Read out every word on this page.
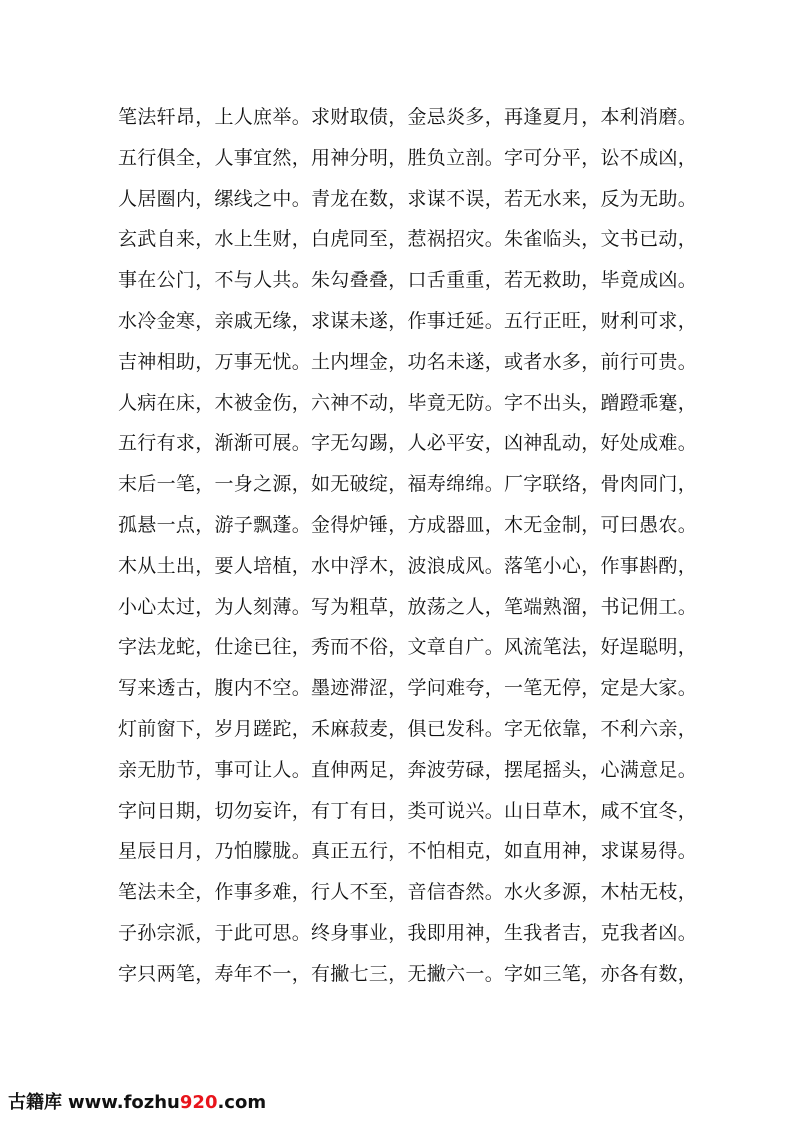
笔法轩昂，上人庶举。求财取债，金忌炎多，再逢夏月，本利消磨。
五行俱全，人事宜然，用神分明，胜负立剖。字可分平，讼不成凶，
人居圈内，缧线之中。青龙在数，求谋不误，若无水来，反为无助。
玄武自来，水上生财，白虎同至，惹祸招灾。朱雀临头，文书已动，
事在公门，不与人共。朱勾叠叠，口舌重重，若无救助，毕竟成凶。
水冷金寒，亲戚无缘，求谋未遂，作事迁延。五行正旺，财利可求，
吉神相助，万事无忧。土内埋金，功名未遂，或者水多，前行可贵。
人病在床，木被金伤，六神不动，毕竟无防。字不出头，蹭蹬乖蹇，
五行有求，渐渐可展。字无勾踢，人必平安，凶神乱动，好处成难。
末后一笔，一身之源，如无破绽，福寿绵绵。厂字联络，骨肉同门，
孤悬一点，游子飘蓬。金得炉锤，方成器皿，木无金制，可曰愚农。
木从土出，要人培植，水中浮木，波浪成风。落笔小心，作事斟酌，
小心太过，为人刻薄。写为粗草，放荡之人，笔端熟溜，书记佣工。
字法龙蛇，仕途已往，秀而不俗，文章自广。风流笔法，好逞聪明，
写来透古，腹内不空。墨迹滞涩，学问难夸，一笔无停，定是大家。
灯前窗下，岁月蹉跎，禾麻菽麦，俱已发科。字无依靠，不利六亲，
亲无肋节，事可让人。直伸两足，奔波劳碌，摆尾摇头，心满意足。
字问日期，切勿妄许，有丁有日，类可说兴。山日草木，咸不宜冬，
星辰日月，乃怕朦胧。真正五行，不怕相克，如直用神，求谋易得。
笔法未全，作事多难，行人不至，音信杳然。水火多源，木枯无枝，
子孙宗派，于此可思。终身事业，我即用神，生我者吉，克我者凶。
字只两笔，寿年不一，有撇七三，无撇六一。字如三笔，亦各有数，
古籍库 www.fozhu920.com
